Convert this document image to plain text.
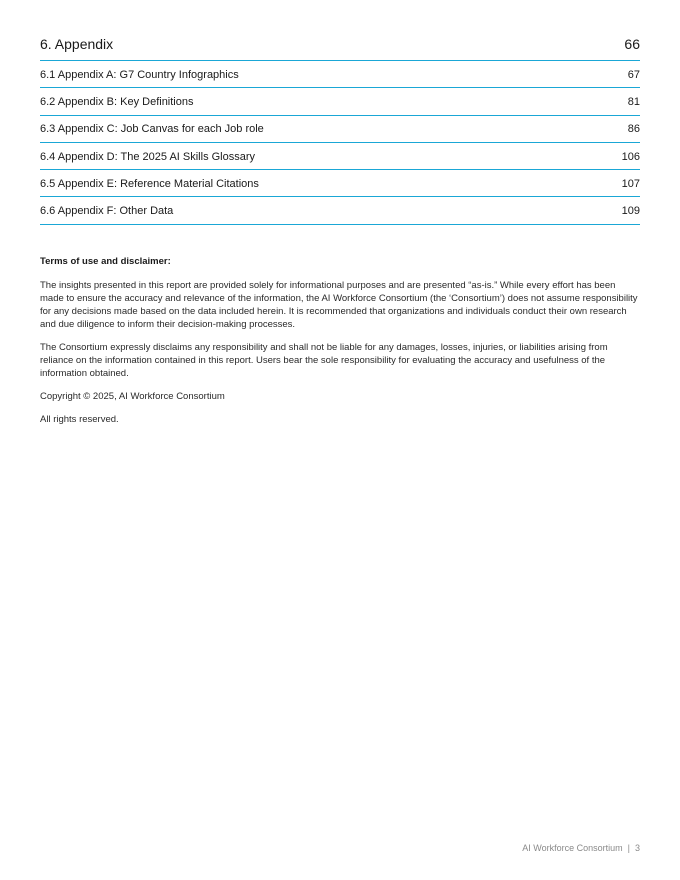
6. Appendix	66
6.1 Appendix A: G7 Country Infographics	67
6.2 Appendix B: Key Definitions	81
6.3 Appendix C: Job Canvas for each Job role	86
6.4 Appendix D: The 2025 AI Skills Glossary	106
6.5 Appendix E: Reference Material Citations	107
6.6 Appendix F: Other Data	109
Terms of use and disclaimer:

The insights presented in this report are provided solely for informational purposes and are presented “as-is.” While every effort has been made to ensure the accuracy and relevance of the information, the AI Workforce Consortium (the ‘Consortium’) does not assume responsibility for any decisions made based on the data included herein. It is recommended that organizations and individuals conduct their own research and due diligence to inform their decision-making processes.

The Consortium expressly disclaims any responsibility and shall not be liable for any damages, losses, injuries, or liabilities arising from reliance on the information contained in this report. Users bear the sole responsibility for evaluating the accuracy and usefulness of the information obtained.

Copyright © 2025, AI Workforce Consortium

All rights reserved.

AI Workforce Consortium | 3
